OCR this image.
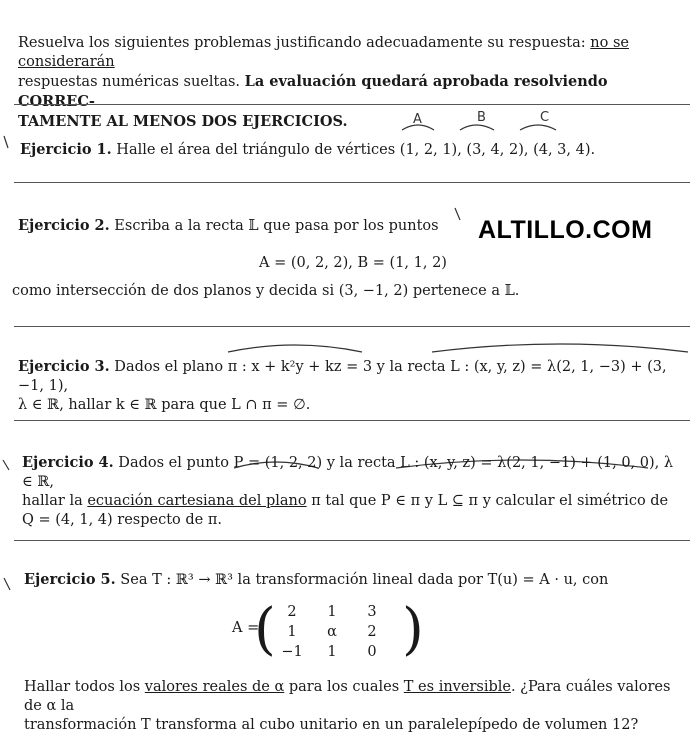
Resuelva los siguientes problemas justificando adecuadamente su respuesta: no se considerarán
respuestas numéricas sueltas. La evaluación quedará aprobada resolviendo CORREC-
TAMENTE AL MENOS DOS EJERCICIOS.	A	B	C
Ejercicio 1. Halle el área del triángulo de vértices (1, 2, 1), (3, 4, 2), (4, 3, 4).
Ejercicio 2. Escriba a la recta 𝕃 que pasa por los puntos	ALTILLO.COM
A = (0, 2, 2), B = (1, 1, 2)
como intersección de dos planos y decida si (3, −1, 2) pertenece a 𝕃.
Ejercicio 3. Dados el plano π : x + k²y + kz = 3 y la recta L : (x, y, z) = λ(2, 1, −3) + (3, −1, 1),
λ ∈ ℝ, hallar k ∈ ℝ para que L ∩ π = ∅.
Ejercicio 4. Dados el punto P = (1, 2, 2) y la recta L : (x, y, z) = λ(2, 1, −1) + (1, 0, 0), λ ∈ ℝ,
hallar la ecuación cartesiana del plano π tal que P ∈ π y L ⊆ π y calcular el simétrico de
Q = (4, 1, 4) respecto de π.
Ejercicio 5. Sea T : ℝ³ → ℝ³ la transformación lineal dada por T(u) = A · u, con
A =
( 2	1	3
1	α	2
−1	1	0 )
Hallar todos los valores reales de α para los cuales T es inversible. ¿Para cuáles valores de α la
transformación T transforma al cubo unitario en un paralelepípedo de volumen 12?
